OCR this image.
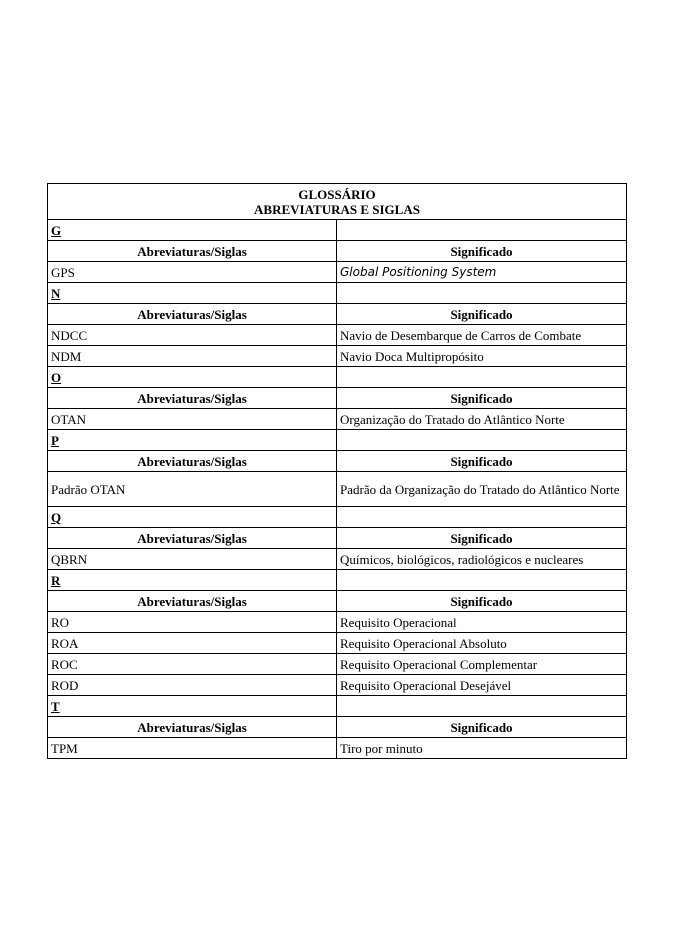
GLOSSÁRIO
ABREVIATURAS E SIGLAS	

G	
Abreviaturas/Siglas	Significado
GPS	Global Positioning System
N	
Abreviaturas/Siglas	Significado
NDCC	Navio de Desembarque de Carros de Combate
NDM	Navio Doca Multipropósito
O	
Abreviaturas/Siglas	Significado
OTAN	Organização do Tratado do Atlântico Norte
P	
Abreviaturas/Siglas	Significado
Padrão OTAN	Padrão da Organização do Tratado do Atlântico Norte
Q	
Abreviaturas/Siglas	Significado
QBRN	Químicos, biológicos, radiológicos e nucleares
R	
Abreviaturas/Siglas	Significado
RO	Requisito Operacional
ROA	Requisito Operacional Absoluto
ROC	Requisito Operacional Complementar
ROD	Requisito Operacional Desejável
T	
Abreviaturas/Siglas	Significado
TPM	Tiro por minuto
